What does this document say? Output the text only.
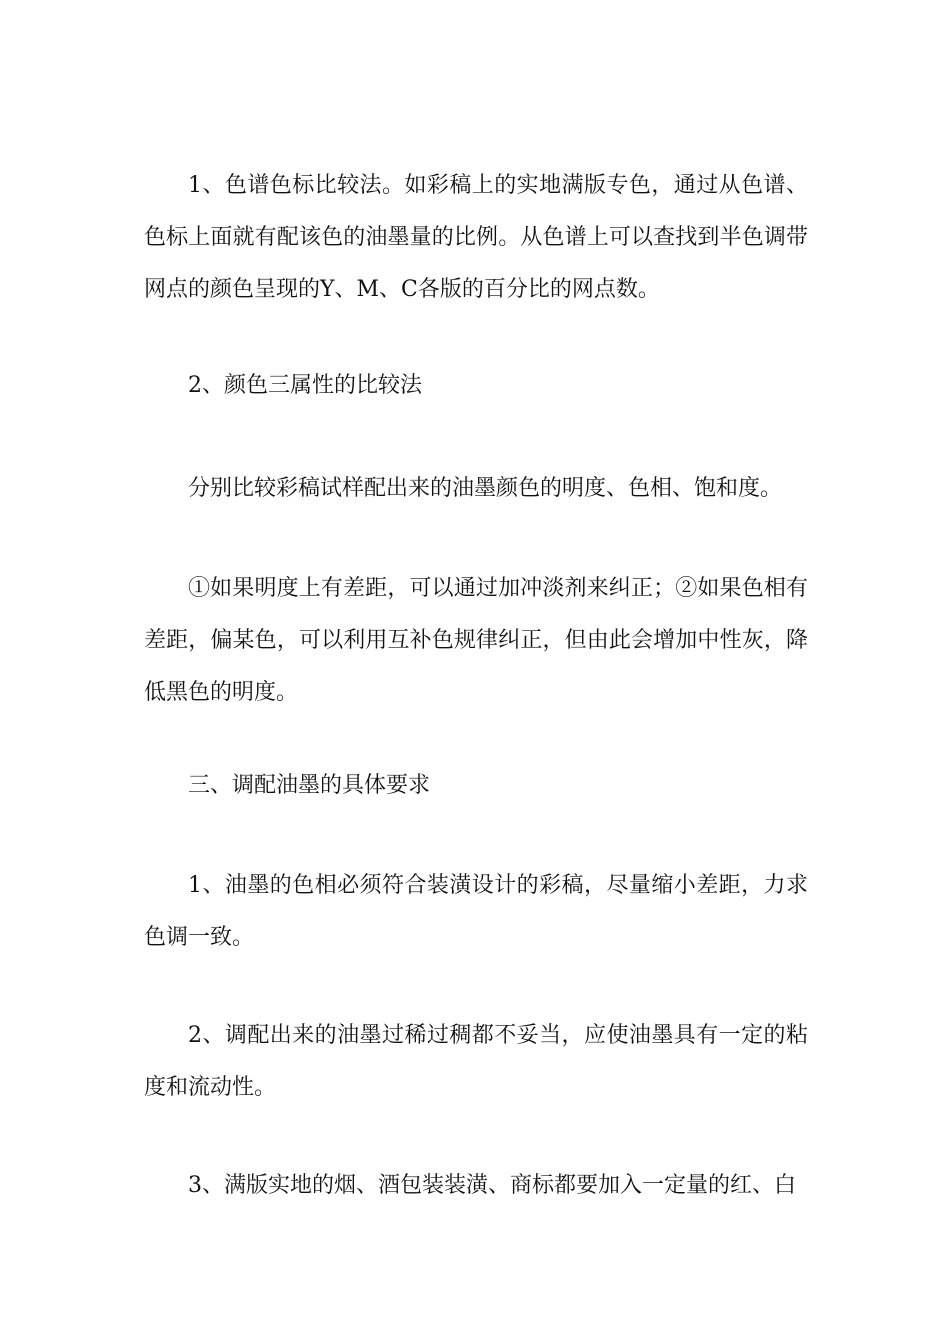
1、色谱色标比较法。如彩稿上的实地满版专色，通过从色谱、色标上面就有配该色的油墨量的比例。从色谱上可以查找到半色调带网点的颜色呈现的Y、M、C各版的百分比的网点数。

2、颜色三属性的比较法

分别比较彩稿试样配出来的油墨颜色的明度、色相、饱和度。

①如果明度上有差距，可以通过加冲淡剂来纠正；②如果色相有差距，偏某色，可以利用互补色规律纠正，但由此会增加中性灰，降低黑色的明度。

三、调配油墨的具体要求

1、油墨的色相必须符合装潢设计的彩稿，尽量缩小差距，力求色调一致。

2、调配出来的油墨过稀过稠都不妥当，应使油墨具有一定的粘度和流动性。

3、满版实地的烟、酒包装装潢、商标都要加入一定量的红、白
